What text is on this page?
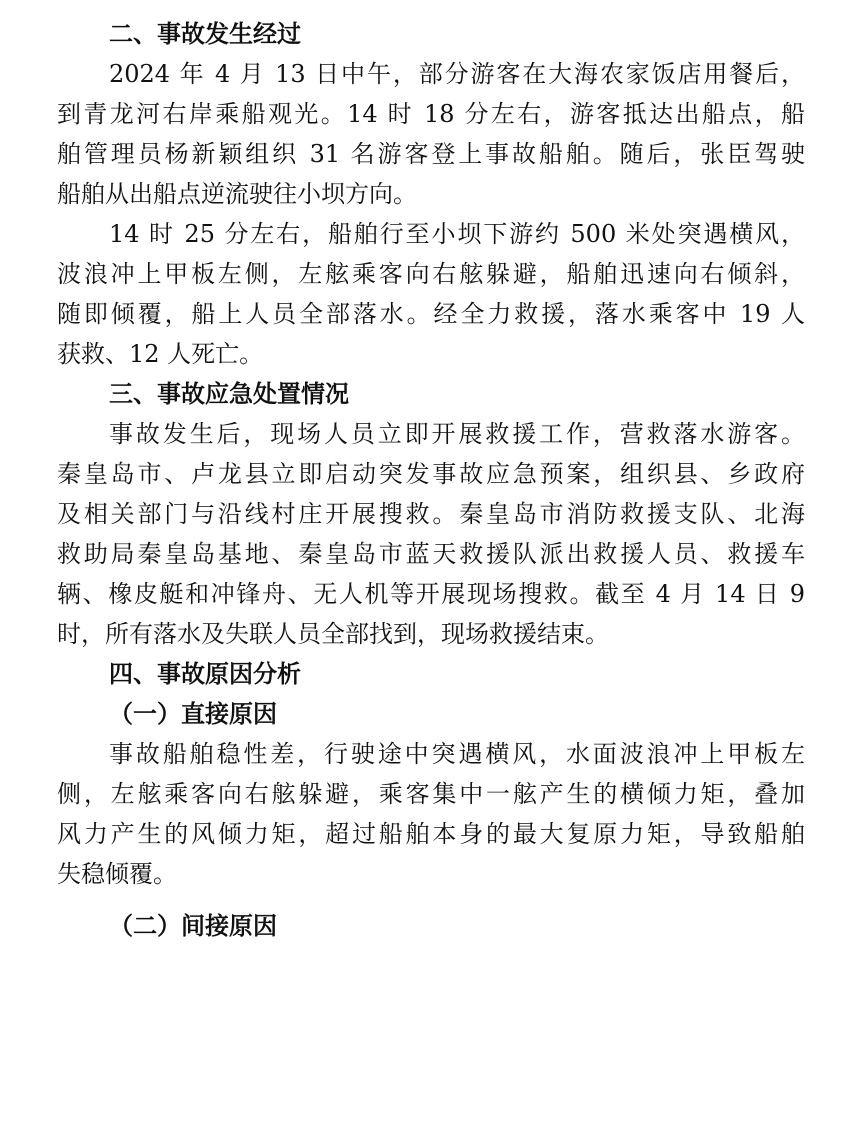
二、事故发生经过
2024 年 4 月 13 日中午，部分游客在大海农家饭店用餐后，
到青龙河右岸乘船观光。14 时 18 分左右，游客抵达出船点，船
舶管理员杨新颖组织 31 名游客登上事故船舶。随后，张臣驾驶
船舶从出船点逆流驶往小坝方向。
14 时 25 分左右，船舶行至小坝下游约 500 米处突遇横风，
波浪冲上甲板左侧，左舷乘客向右舷躲避，船舶迅速向右倾斜，
随即倾覆，船上人员全部落水。经全力救援，落水乘客中 19 人
获救、12 人死亡。
三、事故应急处置情况
事故发生后，现场人员立即开展救援工作，营救落水游客。
秦皇岛市、卢龙县立即启动突发事故应急预案，组织县、乡政府
及相关部门与沿线村庄开展搜救。秦皇岛市消防救援支队、北海
救助局秦皇岛基地、秦皇岛市蓝天救援队派出救援人员、救援车
辆、橡皮艇和冲锋舟、无人机等开展现场搜救。截至 4 月 14 日 9
时，所有落水及失联人员全部找到，现场救援结束。
四、事故原因分析
（一）直接原因
事故船舶稳性差，行驶途中突遇横风，水面波浪冲上甲板左
侧，左舷乘客向右舷躲避，乘客集中一舷产生的横倾力矩，叠加
风力产生的风倾力矩，超过船舶本身的最大复原力矩，导致船舶
失稳倾覆。
（二）间接原因
